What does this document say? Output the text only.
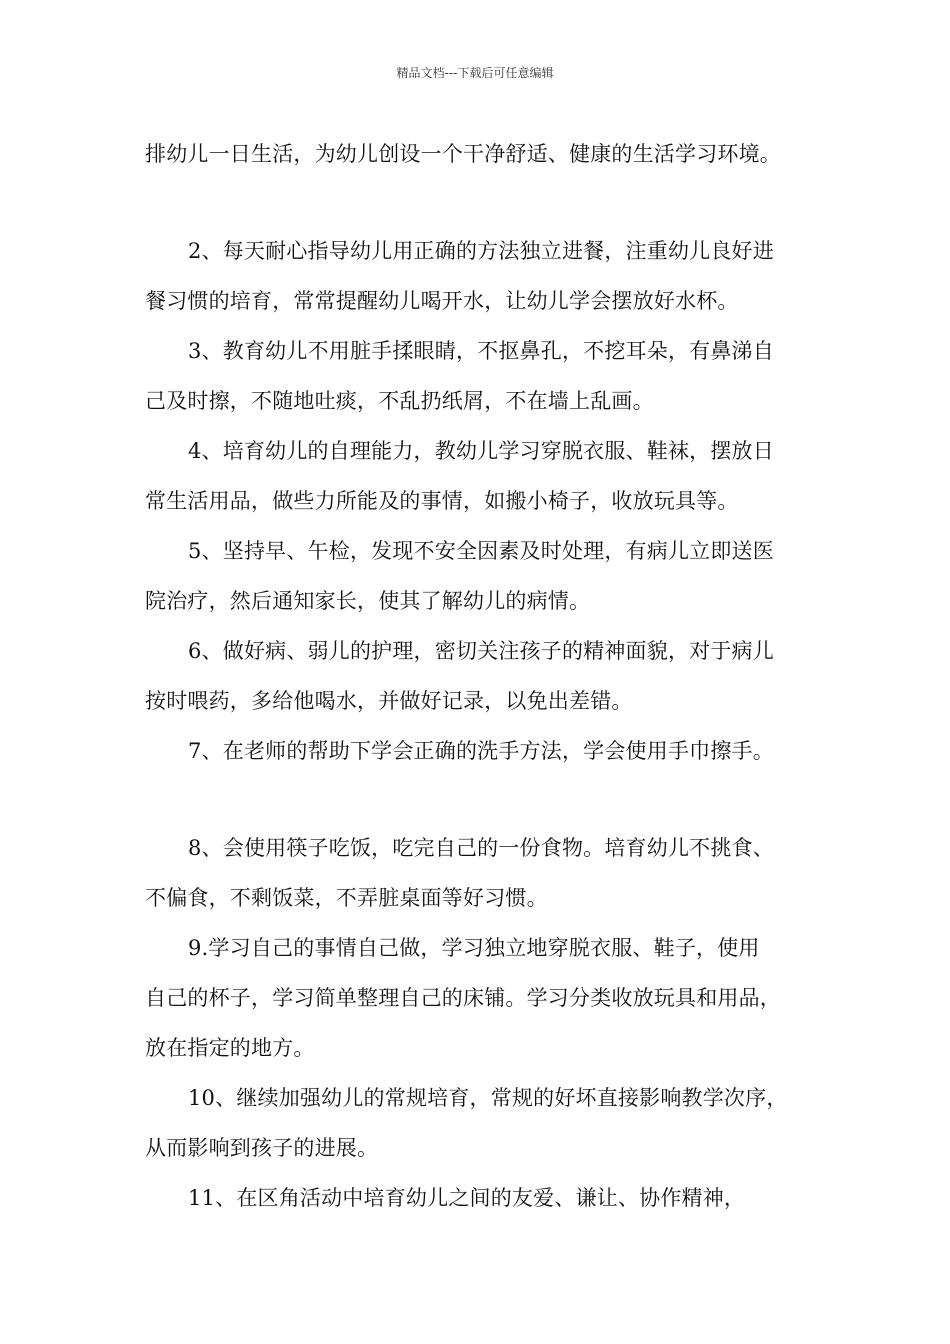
精品文档---下载后可任意编辑
排幼儿一日生活，为幼儿创设一个干净舒适、健康的生活学习环境。
2、每天耐心指导幼儿用正确的方法独立进餐，注重幼儿良好进
餐习惯的培育，常常提醒幼儿喝开水，让幼儿学会摆放好水杯。
3、教育幼儿不用脏手揉眼睛，不抠鼻孔，不挖耳朵，有鼻涕自
己及时擦，不随地吐痰，不乱扔纸屑，不在墙上乱画。
4、培育幼儿的自理能力，教幼儿学习穿脱衣服、鞋袜，摆放日
常生活用品，做些力所能及的事情，如搬小椅子，收放玩具等。
5、坚持早、午检，发现不安全因素及时处理，有病儿立即送医
院治疗，然后通知家长，使其了解幼儿的病情。
6、做好病、弱儿的护理，密切关注孩子的精神面貌，对于病儿
按时喂药，多给他喝水，并做好记录，以免出差错。
7、在老师的帮助下学会正确的洗手方法，学会使用手巾擦手。
8、会使用筷子吃饭，吃完自己的一份食物。培育幼儿不挑食、
不偏食，不剩饭菜，不弄脏桌面等好习惯。
9.学习自己的事情自己做，学习独立地穿脱衣服、鞋子，使用
自己的杯子，学习简单整理自己的床铺。学习分类收放玩具和用品，
放在指定的地方。
10、继续加强幼儿的常规培育，常规的好坏直接影响教学次序，
从而影响到孩子的进展。
11、在区角活动中培育幼儿之间的友爱、谦让、协作精神，
